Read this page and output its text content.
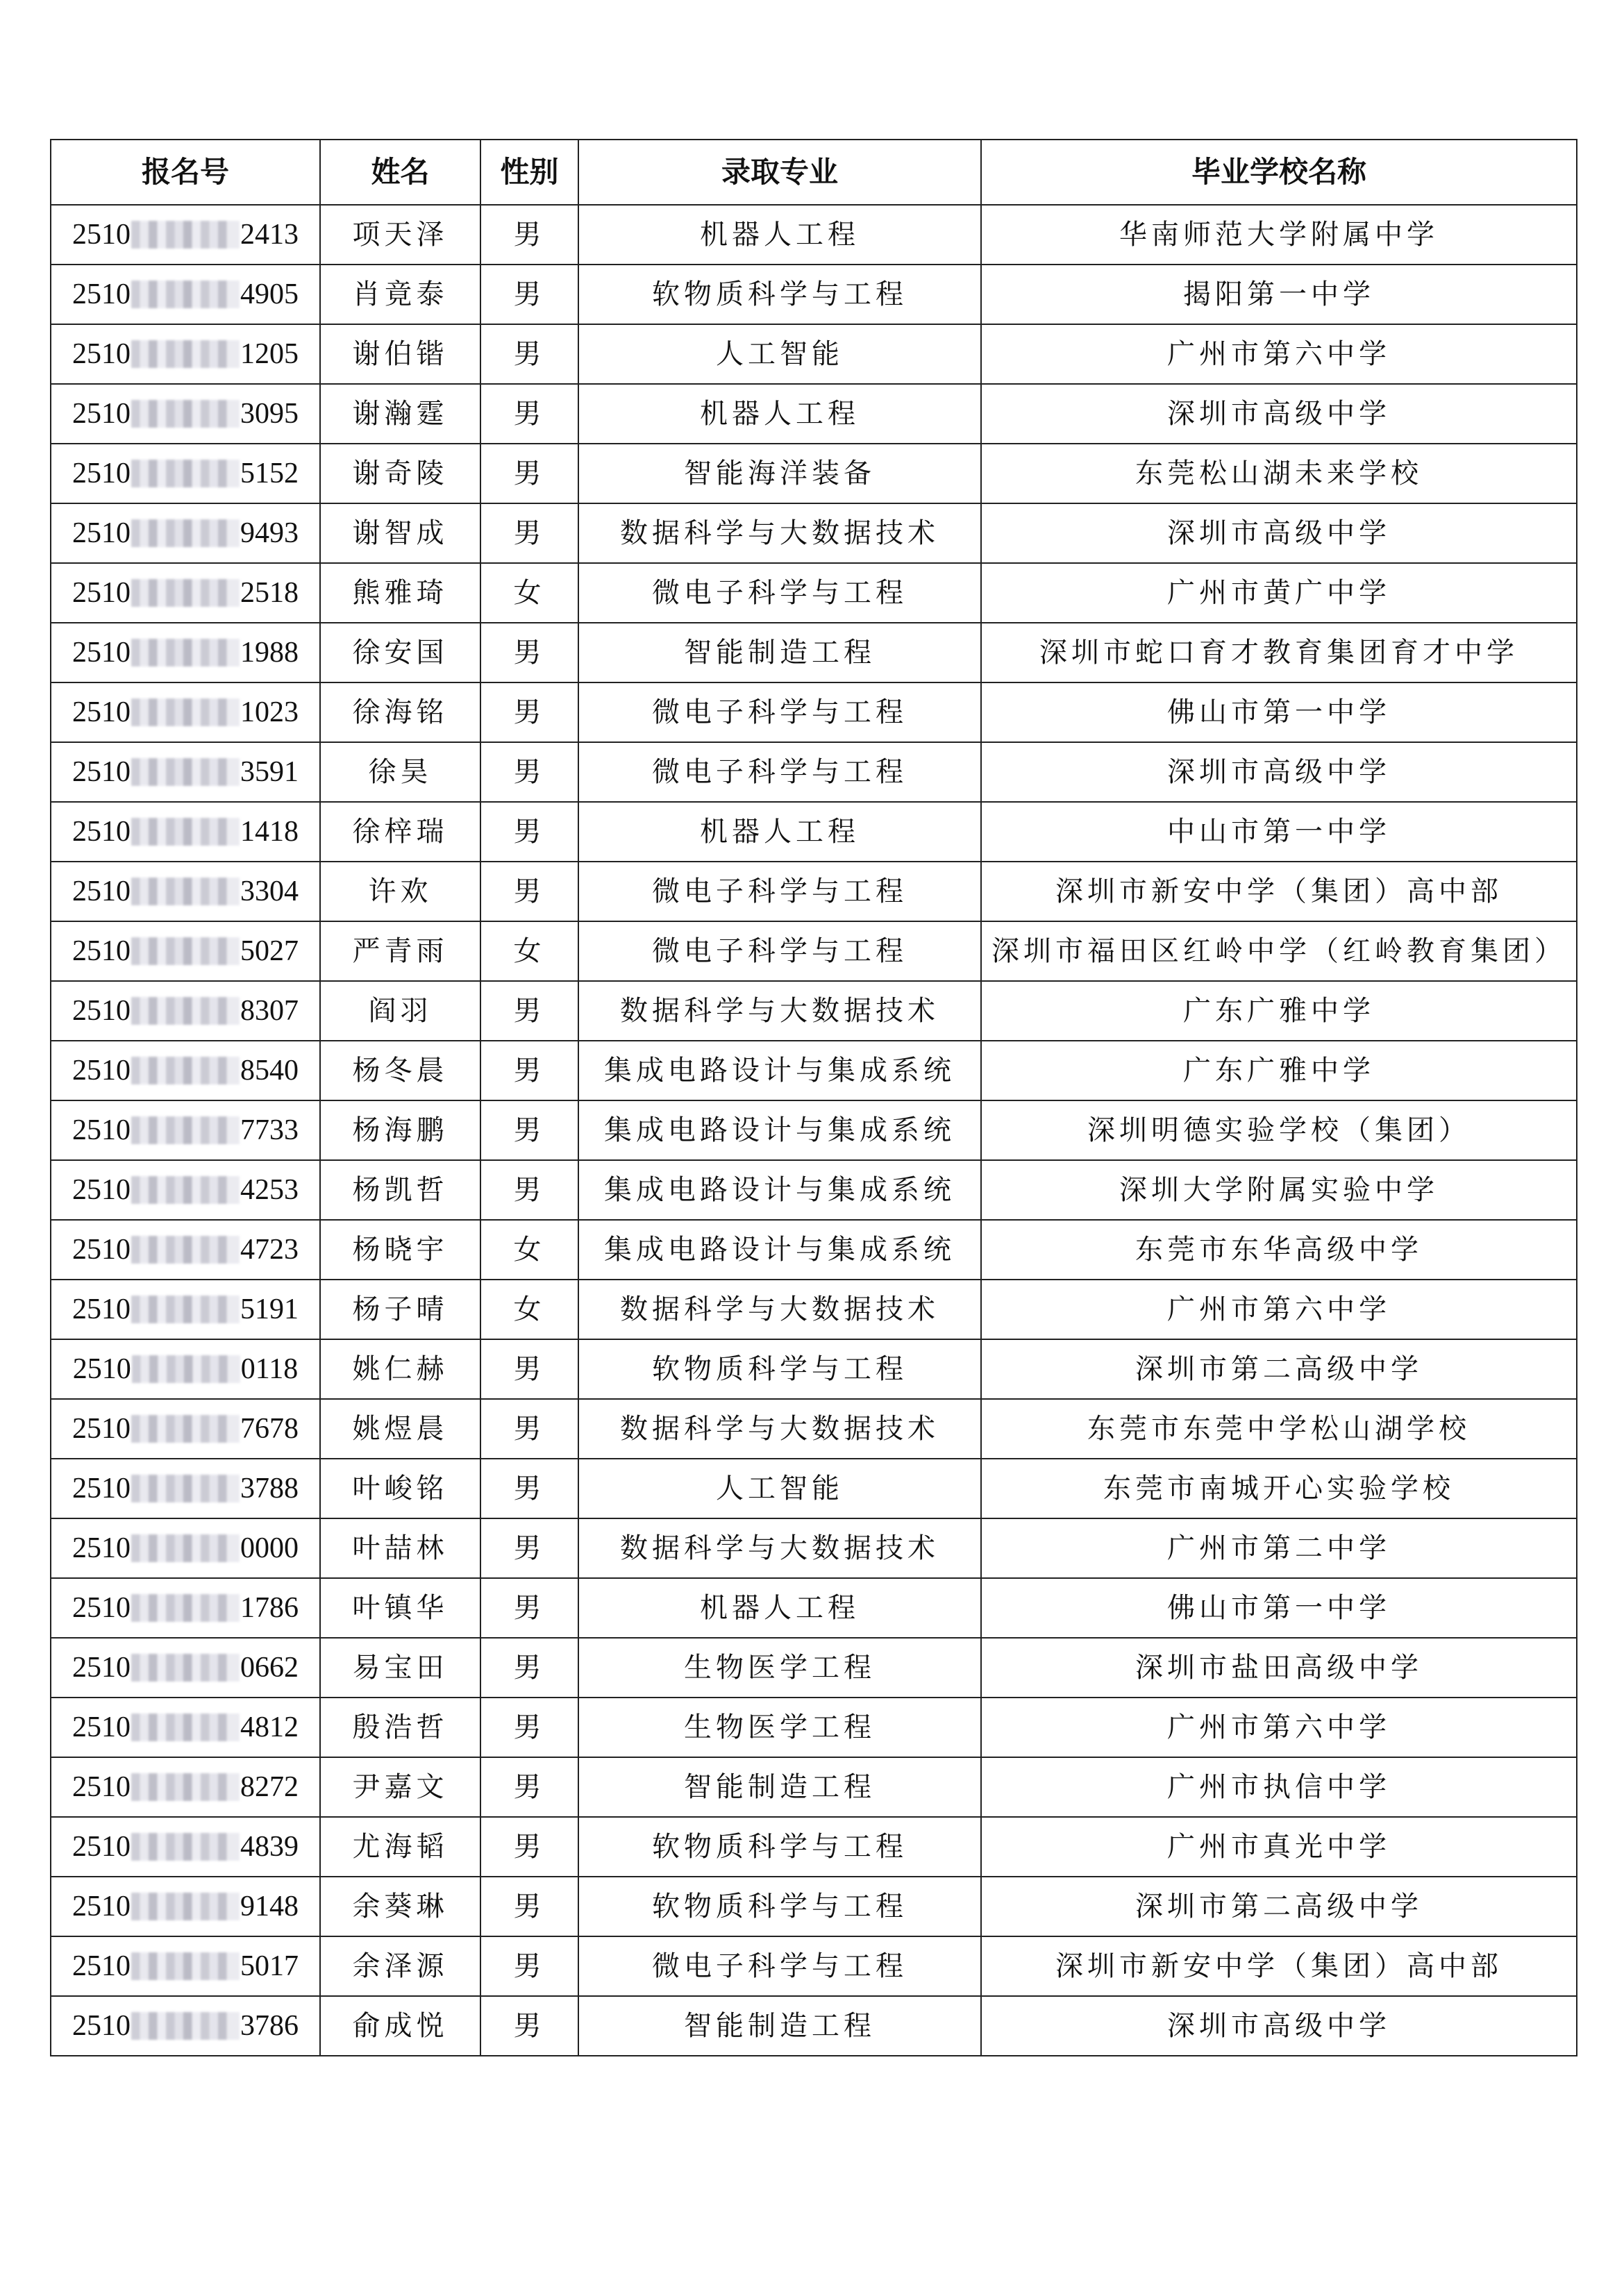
报名号	姓名	性别	录取专业	毕业学校名称

2510 2413	项天泽	男	机器人工程	华南师范大学附属中学

2510 4905	肖竟泰	男	软物质科学与工程	揭阳第一中学

2510 1205	谢伯锴	男	人工智能	广州市第六中学

2510 3095	谢瀚霆	男	机器人工程	深圳市高级中学

2510 5152	谢奇陵	男	智能海洋装备	东莞松山湖未来学校

2510 9493	谢智成	男	数据科学与大数据技术	深圳市高级中学

2510 2518	熊雅琦	女	微电子科学与工程	广州市黄广中学

2510 1988	徐安国	男	智能制造工程	深圳市蛇口育才教育集团育才中学

2510 1023	徐海铭	男	微电子科学与工程	佛山市第一中学

2510 3591	徐昊	男	微电子科学与工程	深圳市高级中学

2510 1418	徐梓瑞	男	机器人工程	中山市第一中学

2510 3304	许欢	男	微电子科学与工程	深圳市新安中学（集团）高中部

2510 5027	严青雨	女	微电子科学与工程	深圳市福田区红岭中学（红岭教育集团）

2510 8307	阎羽	男	数据科学与大数据技术	广东广雅中学

2510 8540	杨冬晨	男	集成电路设计与集成系统	广东广雅中学

2510 7733	杨海鹏	男	集成电路设计与集成系统	深圳明德实验学校（集团）

2510 4253	杨凯哲	男	集成电路设计与集成系统	深圳大学附属实验中学

2510 4723	杨晓宇	女	集成电路设计与集成系统	东莞市东华高级中学

2510 5191	杨子晴	女	数据科学与大数据技术	广州市第六中学

2510 0118	姚仁赫	男	软物质科学与工程	深圳市第二高级中学

2510 7678	姚煜晨	男	数据科学与大数据技术	东莞市东莞中学松山湖学校

2510 3788	叶峻铭	男	人工智能	东莞市南城开心实验学校

2510 0000	叶喆林	男	数据科学与大数据技术	广州市第二中学

2510 1786	叶镇华	男	机器人工程	佛山市第一中学

2510 0662	易宝田	男	生物医学工程	深圳市盐田高级中学

2510 4812	殷浩哲	男	生物医学工程	广州市第六中学

2510 8272	尹嘉文	男	智能制造工程	广州市执信中学

2510 4839	尤海韬	男	软物质科学与工程	广州市真光中学

2510 9148	余葵琳	男	软物质科学与工程	深圳市第二高级中学

2510 5017	余泽源	男	微电子科学与工程	深圳市新安中学（集团）高中部

2510 3786	俞成悦	男	智能制造工程	深圳市高级中学
